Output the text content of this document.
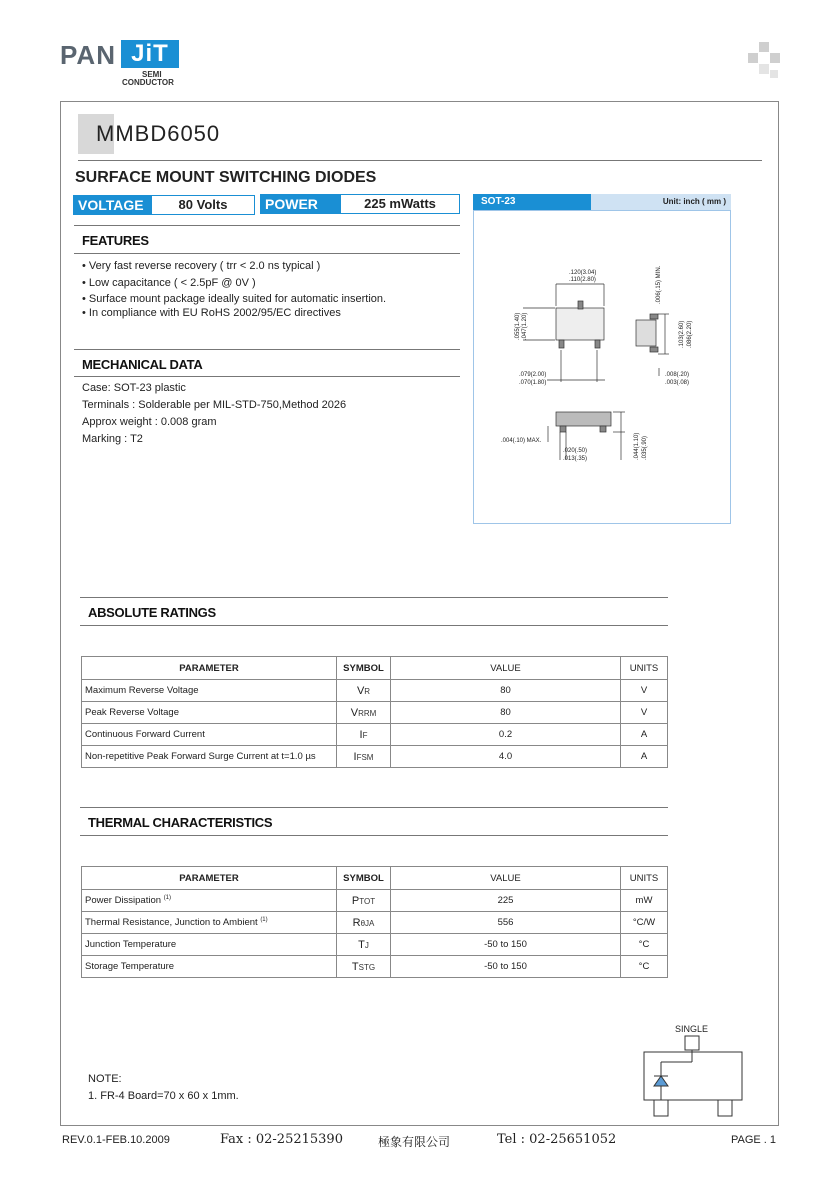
PAN JiT
SEMI
CONDUCTOR
MMBD6050
SURFACE MOUNT SWITCHING DIODES
VOLTAGE	80 Volts	POWER	225 mWatts
FEATURES
• Very fast reverse recovery ( trr < 2.0 ns typical )
• Low capacitance ( < 2.5pF @ 0V )
• Surface mount package ideally suited for automatic insertion.
• In compliance with EU RoHS 2002/95/EC directives
MECHANICAL DATA
Case: SOT-23 plastic
Terminals : Solderable per MIL-STD-750,Method 2026
Approx weight : 0.008 gram
Marking : T2
SOT-23	Unit: inch ( mm )
.120(3.04)
.110(2.80)
.055(1.40) .047(1.20)
.079(2.00)
.070(1.80)
.006(.15) MIN.
.103(2.60) .086(2.20)
.008(.20)
.003(.08)
.004(.10) MAX.
.020(.50)
.013(.35)	.044(1.10) .035(.90)
ABSOLUTE RATINGS
PARAMETER	SYMBOL	VALUE	UNITS
Maximum Reverse Voltage	VR	80	V
Peak Reverse Voltage	VRRM	80	V
Continuous Forward Current	IF	0.2	A
Non-repetitive Peak Forward Surge Current at t=1.0 µs	IFSM	4.0	A
THERMAL CHARACTERISTICS
PARAMETER	SYMBOL	VALUE	UNITS
Power Dissipation $^{(1)}$	PTOT	225	mW
Thermal Resistance, Junction to Ambient $^{(1)}$	RθJA	556	°C/W
Junction Temperature	TJ	-50 to 150	°C
Storage Temperature	TSTG	-50 to 150	°C
NOTE:
1. FR-4 Board=70 x 60 x 1mm.
SINGLE
REV.0.1-FEB.10.2009	Fax : 02-25215390	極象有限公司	Tel : 02-25651052	PAGE . 1
